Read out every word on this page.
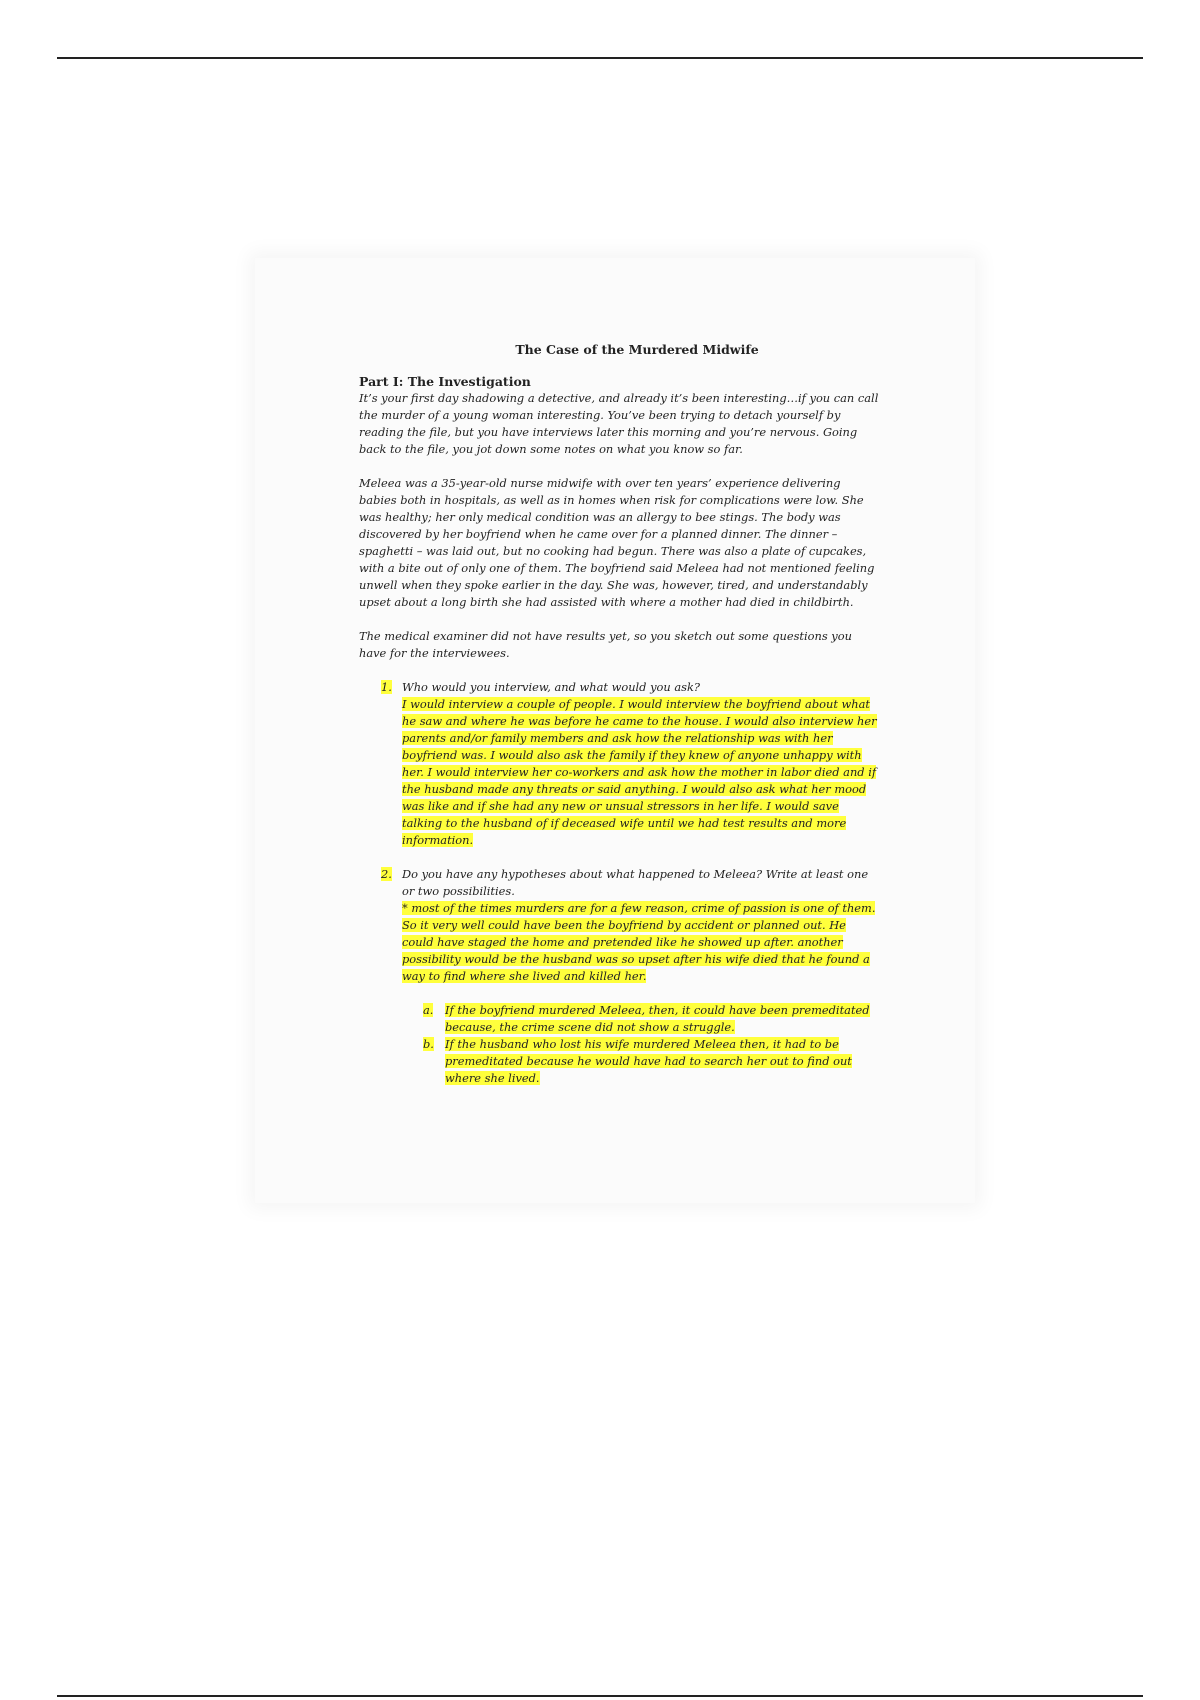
The Case of the Murdered Midwife
Part I: The Investigation

It’s your first day shadowing a detective, and already it’s been interesting…if you can call the murder of a young woman interesting. You’ve been trying to detach yourself by reading the file, but you have interviews later this morning and you’re nervous. Going back to the file, you jot down some notes on what you know so far.

Meleea was a 35-year-old nurse midwife with over ten years’ experience delivering babies both in hospitals, as well as in homes when risk for complications were low. She was healthy; her only medical condition was an allergy to bee stings. The body was discovered by her boyfriend when he came over for a planned dinner. The dinner – spaghetti – was laid out, but no cooking had begun. There was also a plate of cupcakes, with a bite out of only one of them. The boyfriend said Meleea had not mentioned feeling unwell when they spoke earlier in the day. She was, however, tired, and understandably upset about a long birth she had assisted with where a mother had died in childbirth.

The medical examiner did not have results yet, so you sketch out some questions you have for the interviewees.

1. Who would you interview, and what would you ask?
I would interview a couple of people. I would interview the boyfriend about what he saw and where he was before he came to the house. I would also interview her parents and/or family members and ask how the relationship was with her boyfriend was. I would also ask the family if they knew of anyone unhappy with her. I would interview her co-workers and ask how the mother in labor died and if the husband made any threats or said anything. I would also ask what her mood was like and if she had any new or unsual stressors in her life. I would save talking to the husband of if deceased wife until we had test results and more information.
2. Do you have any hypotheses about what happened to Meleea? Write at least one or two possibilities.
* most of the times murders are for a few reason, crime of passion is one of them. So it very well could have been the boyfriend by accident or planned out. He could have staged the home and pretended like he showed up after. another possibility would be the husband was so upset after his wife died that he found a way to find where she lived and killed her.
a. If the boyfriend murdered Meleea, then, it could have been premeditated because, the crime scene did not show a struggle.
b. If the husband who lost his wife murdered Meleea then, it had to be premeditated because he would have had to search her out to find out where she lived.
